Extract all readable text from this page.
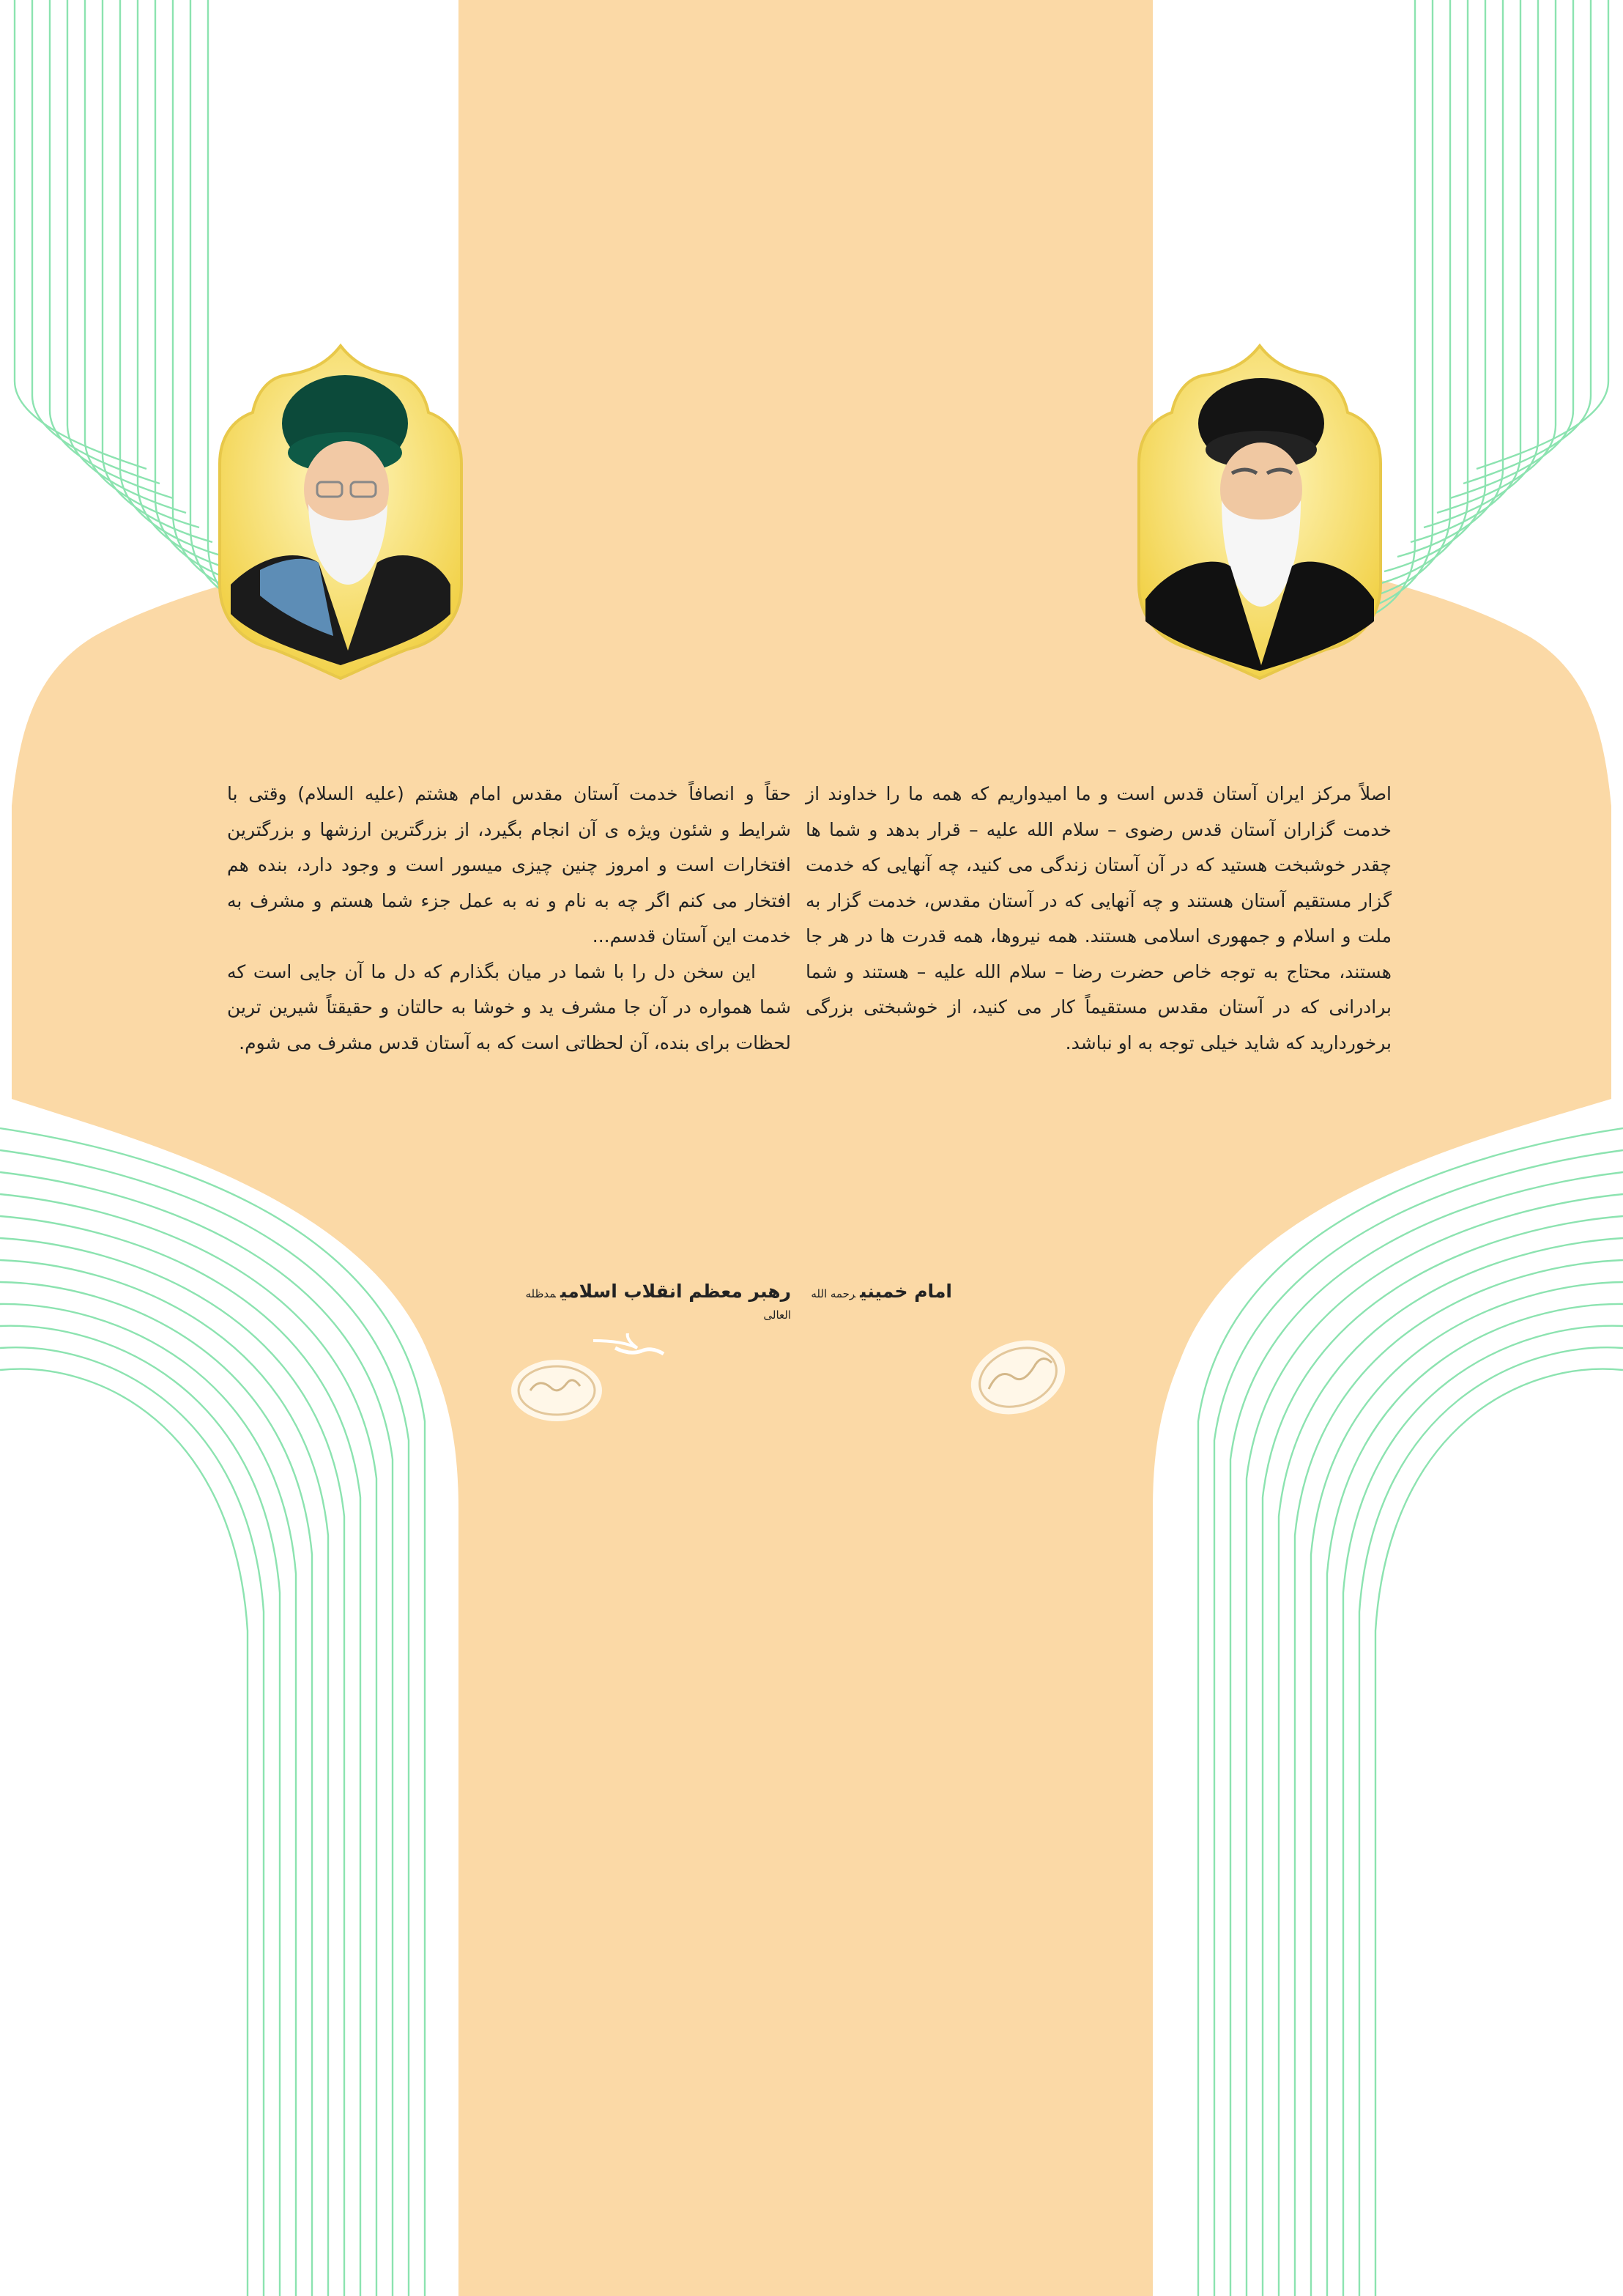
اصلاً مرکز ایران آستان قدس است و ما امیدواریم که همه ما را خداوند از خدمت گزاران آستان قدس رضوی – سلام الله علیه – قرار بدهد و شما ها چقدر خوشبخت هستید که در آن آستان زندگی می کنید، چه آنهایی که خدمت گزار مستقیم آستان هستند و چه آنهایی که در آستان مقدس، خدمت گزار به ملت و اسلام و جمهوری اسلامی هستند. همه نیروها، همه قدرت ها در هر جا هستند، محتاج به توجه خاص حضرت رضا – سلام الله علیه – هستند و شما برادرانی که در آستان مقدس مستقیماً کار می کنید، از خوشبختی بزرگی برخوردارید که شاید خیلی توجه به او نباشد.

حقاً و انصافاً خدمت آستان مقدس امام هشتم (علیه السلام) وقتی با شرایط و شئون ویژه ی آن انجام بگیرد، از بزرگترین ارزشها و بزرگترین افتخارات است و امروز چنین چیزی میسور است و وجود دارد، بنده هم افتخار می کنم اگر چه به نام و نه به عمل جزء شما هستم و مشرف به خدمت این آستان قدسم...

این سخن دل را با شما در میان بگذارم که دل ما آن جایی است که شما همواره در آن جا مشرف ید و خوشا به حالتان و حقیقتاً شیرین ترین لحظات برای بنده، آن لحظاتی است که به آستان قدس مشرف می شوم.

امام خمینیرحمه الله
رهبر معظم انقلاب اسلامیمدظله العالی
